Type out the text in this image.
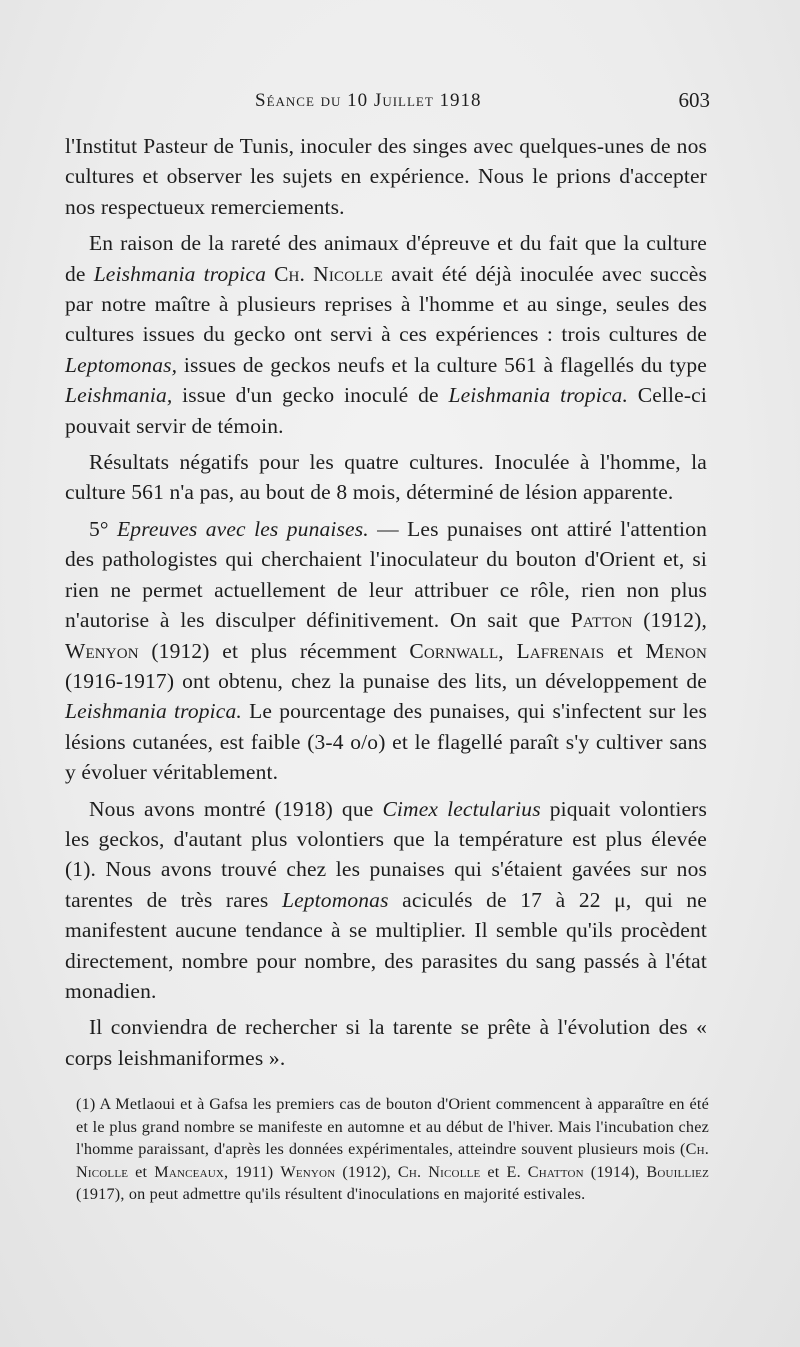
Séance du 10 Juillet 1918	603

l'Institut Pasteur de Tunis, inoculer des singes avec quelques-unes de nos cultures et observer les sujets en expérience. Nous le prions d'accepter nos respectueux remerciements.

En raison de la rareté des animaux d'épreuve et du fait que la culture de Leishmania tropica Ch. Nicolle avait été déjà inoculée avec succès par notre maître à plusieurs reprises à l'homme et au singe, seules des cultures issues du gecko ont servi à ces expériences : trois cultures de Leptomonas, issues de geckos neufs et la culture 561 à flagellés du type Leishmania, issue d'un gecko inoculé de Leishmania tropica. Celle-ci pouvait servir de témoin.

Résultats négatifs pour les quatre cultures. Inoculée à l'homme, la culture 561 n'a pas, au bout de 8 mois, déterminé de lésion apparente.

5° Epreuves avec les punaises. — Les punaises ont attiré l'attention des pathologistes qui cherchaient l'inoculateur du bouton d'Orient et, si rien ne permet actuellement de leur attribuer ce rôle, rien non plus n'autorise à les disculper définitivement. On sait que Patton (1912), Wenyon (1912) et plus récemment Cornwall, Lafrenais et Menon (1916-1917) ont obtenu, chez la punaise des lits, un développement de Leishmania tropica. Le pourcentage des punaises, qui s'infectent sur les lésions cutanées, est faible (3-4 o/o) et le flagellé paraît s'y cultiver sans y évoluer véritablement.

Nous avons montré (1918) que Cimex lectularius piquait volontiers les geckos, d'autant plus volontiers que la température est plus élevée (1). Nous avons trouvé chez les punaises qui s'étaient gavées sur nos tarentes de très rares Leptomonas aciculés de 17 à 22 μ, qui ne manifestent aucune tendance à se multiplier. Il semble qu'ils procèdent directement, nombre pour nombre, des parasites du sang passés à l'état monadien.

Il conviendra de rechercher si la tarente se prête à l'évolution des « corps leishmaniformes ».

(1) A Metlaoui et à Gafsa les premiers cas de bouton d'Orient commencent à apparaître en été et le plus grand nombre se manifeste en automne et au début de l'hiver. Mais l'incubation chez l'homme paraissant, d'après les données expérimentales, atteindre souvent plusieurs mois (Ch. Nicolle et Manceaux, 1911) Wenyon (1912), Ch. Nicolle et E. Chatton (1914), Bouilliez (1917), on peut admettre qu'ils résultent d'inoculations en majorité estivales.
